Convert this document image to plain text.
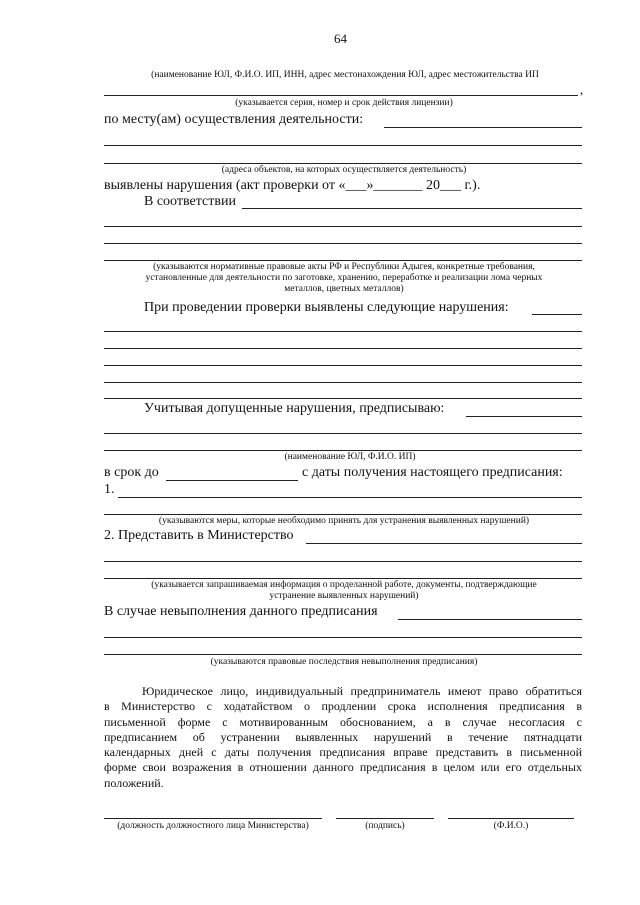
64
(наименование ЮЛ, Ф.И.О. ИП, ИНН, адрес местонахождения ЮЛ, адрес местожительства ИП
,
(указывается серия, номер и срок действия лицензии)
по месту(ам) осуществления деятельности:
(адреса объектов, на которых осуществляется деятельность)
выявлены нарушения (акт проверки от «___»_______ 20___ г.).
В соответствии
(указываются нормативные правовые акты РФ и Республики Адыгея, конкретные требования,
установленные для деятельности по заготовке, хранению, переработке и реализации лома черных
металлов, цветных металлов)
При проведении проверки выявлены следующие нарушения:
Учитывая допущенные нарушения, предписываю:
(наименование ЮЛ, Ф.И.О. ИП)
в срок до	с даты получения настоящего предписания:
1.
(указываются меры, которые необходимо принять для устранения выявленных нарушений)
2. Представить в Министерство
(указывается запрашиваемая информация о проделанной работе, документы, подтверждающие
устранение выявленных нарушений)
В случае невыполнения данного предписания
(указываются правовые последствия невыполнения предписания)
Юридическое лицо, индивидуальный предприниматель имеют право обратиться
в Министерство с ходатайством о продлении срока исполнения предписания в
письменной форме с мотивированным обоснованием, а в случае несогласия с
предписанием об устранении выявленных нарушений в течение пятнадцати
календарных дней с даты получения предписания вправе представить в письменной
форме свои возражения в отношении данного предписания в целом или его отдельных
положений.
(должность должностного лица Министерства)	(подпись)	(Ф.И.О.)
